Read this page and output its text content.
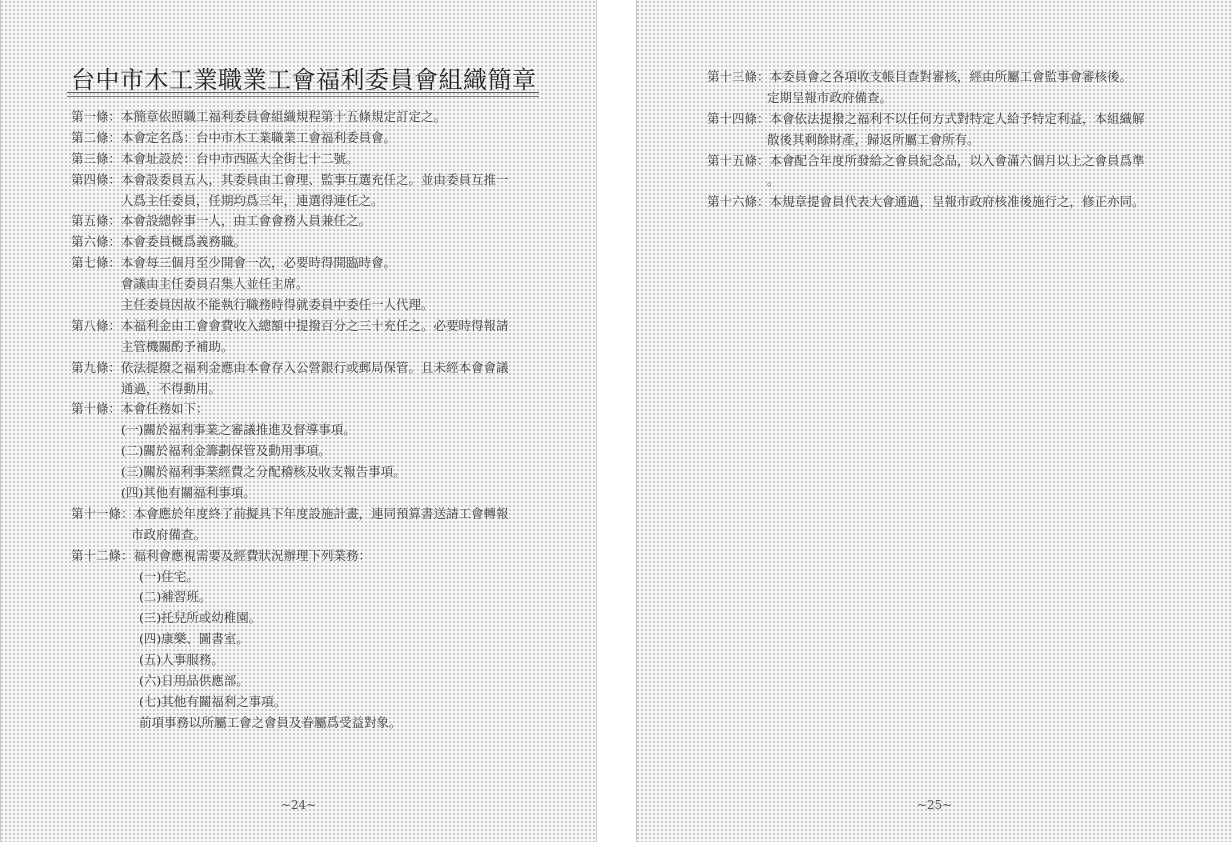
台中市木工業職業工會福利委員會組織簡章
第一條：本簡章依照職工福利委員會組織規程第十五條規定訂定之。
第二條：本會定名爲：台中市木工業職業工會福利委員會。
第三條：本會址設於：台中市西區大全街七十二號。
第四條：本會設委員五人，其委員由工會理、監事互選充任之。並由委員互推一
人爲主任委員，任期均爲三年，連選得連任之。
第五條：本會設總幹事一人，由工會會務人員兼任之。
第六條：本會委員概爲義務職。
第七條：本會每三個月至少開會一次，必要時得開臨時會。
會議由主任委員召集人並任主席。
主任委員因故不能執行職務時得就委員中委任一人代理。
第八條：本福利金由工會會費收入總額中提撥百分之三十充任之。必要時得報請
主管機關酌予補助。
第九條：依法提撥之福利金應由本會存入公營銀行或郵局保管。且未經本會會議
通過，不得動用。
第十條：本會任務如下：
(一)關於福利事業之審議推進及督導事項。
(二)關於福利金籌劃保管及動用事項。
(三)關於福利事業經費之分配稽核及收支報告事項。
(四)其他有關福利事項。
第十一條：本會應於年度終了前擬具下年度設施計畫，連同預算書送請工會轉報
市政府備查。
第十二條：福利會應視需要及經費狀況辦理下列業務：
(一)住宅。
(二)補習班。
(三)托兒所或幼稚園。
(四)康樂、圖書室。
(五)人事服務。
(六)日用品供應部。
(七)其他有關福利之事項。
前項事務以所屬工會之會員及眷屬爲受益對象。
~24~
第十三條：本委員會之各項收支帳目查對審核，經由所屬工會監事會審核後。
定期呈報市政府備查。
第十四條：本會依法提撥之福利不以任何方式對特定人給予特定利益，本組織解
散後其剩餘財產，歸返所屬工會所有。
第十五條：本會配合年度所發給之會員紀念品，以入會滿六個月以上之會員爲準
。
第十六條：本規章提會員代表大會通過，呈報市政府核准後施行之，修正亦同。
~25~
